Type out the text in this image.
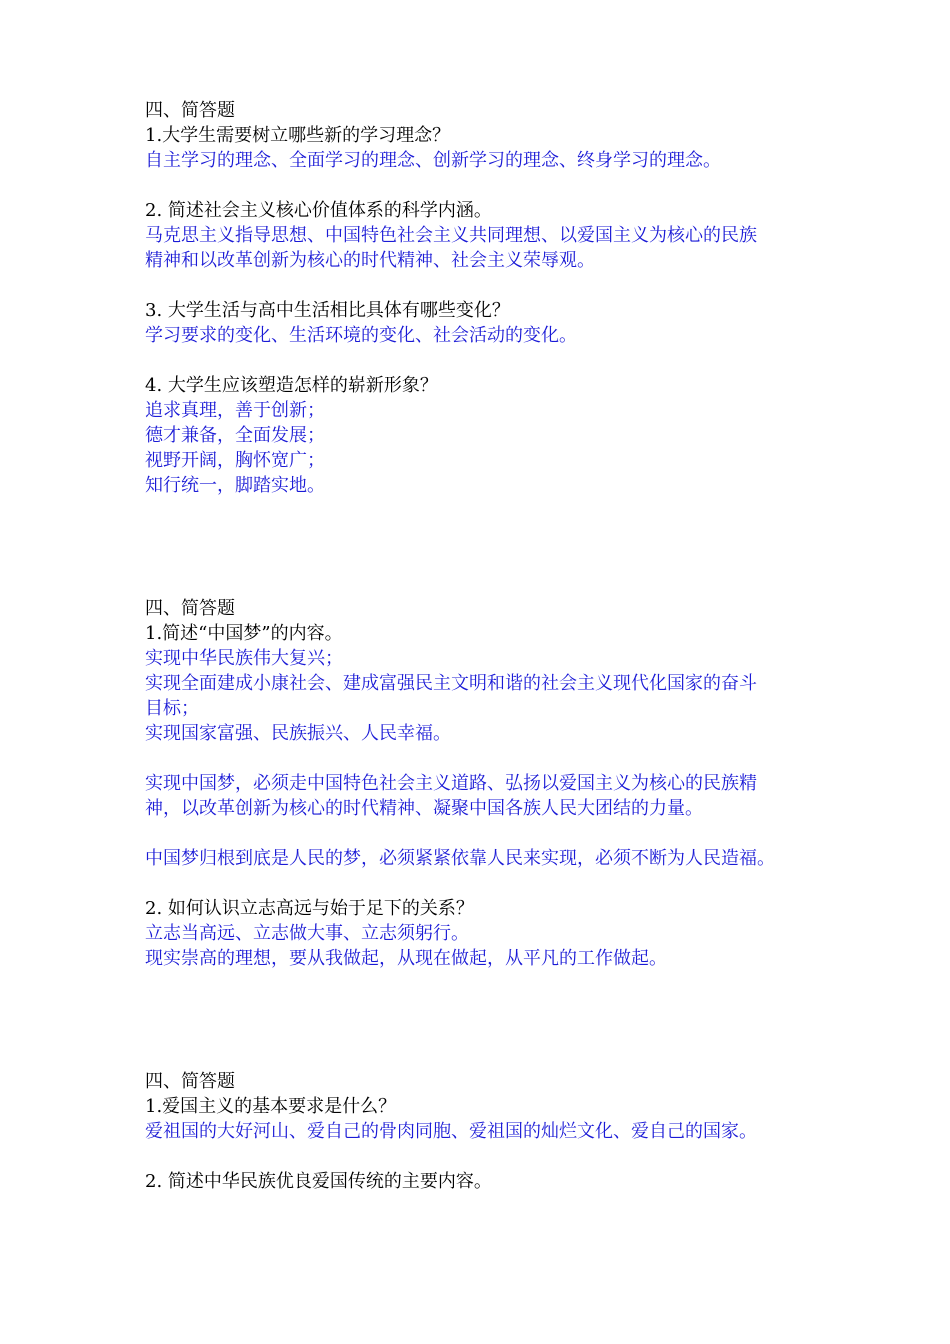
四、简答题
1.大学生需要树立哪些新的学习理念？
自主学习的理念、全面学习的理念、创新学习的理念、终身学习的理念。
2. 简述社会主义核心价值体系的科学内涵。
马克思主义指导思想、中国特色社会主义共同理想、以爱国主义为核心的民族
精神和以改革创新为核心的时代精神、社会主义荣辱观。
3. 大学生活与高中生活相比具体有哪些变化？
学习要求的变化、生活环境的变化、社会活动的变化。
4. 大学生应该塑造怎样的崭新形象？
追求真理，善于创新；
德才兼备，全面发展；
视野开阔，胸怀宽广；
知行统一，脚踏实地。
四、简答题
1.简述“中国梦”的内容。
实现中华民族伟大复兴；
实现全面建成小康社会、建成富强民主文明和谐的社会主义现代化国家的奋斗
目标；
实现国家富强、民族振兴、人民幸福。
实现中国梦，必须走中国特色社会主义道路、弘扬以爱国主义为核心的民族精
神，以改革创新为核心的时代精神、凝聚中国各族人民大团结的力量。
中国梦归根到底是人民的梦，必须紧紧依靠人民来实现，必须不断为人民造福。
2. 如何认识立志高远与始于足下的关系？
立志当高远、立志做大事、立志须躬行。
现实崇高的理想，要从我做起，从现在做起，从平凡的工作做起。
四、简答题
1.爱国主义的基本要求是什么？
爱祖国的大好河山、爱自己的骨肉同胞、爱祖国的灿烂文化、爱自己的国家。
2. 简述中华民族优良爱国传统的主要内容。
